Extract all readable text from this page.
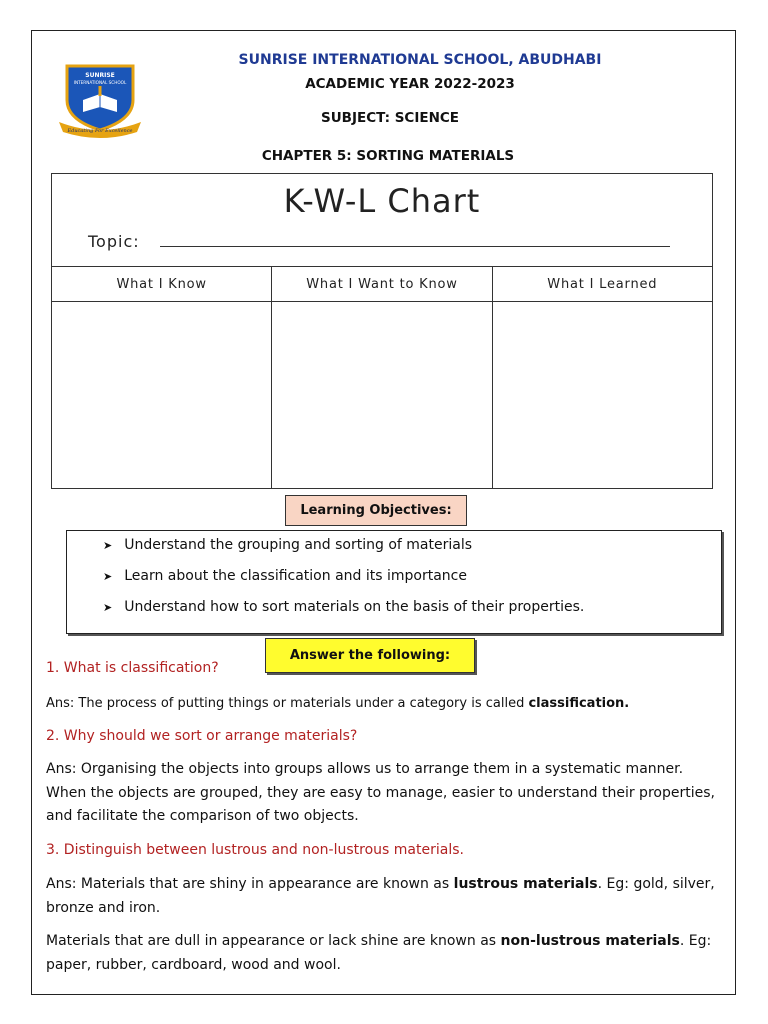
SUNRISE
INTERNATIONAL SCHOOL
Educating For Excellence
SUNRISE INTERNATIONAL SCHOOL, ABUDHABI
ACADEMIC YEAR 2022-2023
SUBJECT: SCIENCE
CHAPTER 5: SORTING MATERIALS
K-W-L Chart
Topic:
What I Know	What I Want to Know	What I Learned
Learning Objectives:
➤ Understand the grouping and sorting of materials
➤ Learn about the classification and its importance
➤ Understand how to sort materials on the basis of their properties.
Answer the following:
1. What is classification?
Ans: The process of putting things or materials under a category is called classification.
2. Why should we sort or arrange materials?
Ans: Organising the objects into groups allows us to arrange them in a systematic manner. When the objects are grouped, they are easy to manage, easier to understand their properties, and facilitate the comparison of two objects.
3. Distinguish between lustrous and non-lustrous materials.
Ans: Materials that are shiny in appearance are known as lustrous materials. Eg: gold, silver, bronze and iron.
Materials that are dull in appearance or lack shine are known as non-lustrous materials. Eg: paper, rubber, cardboard, wood and wool.
